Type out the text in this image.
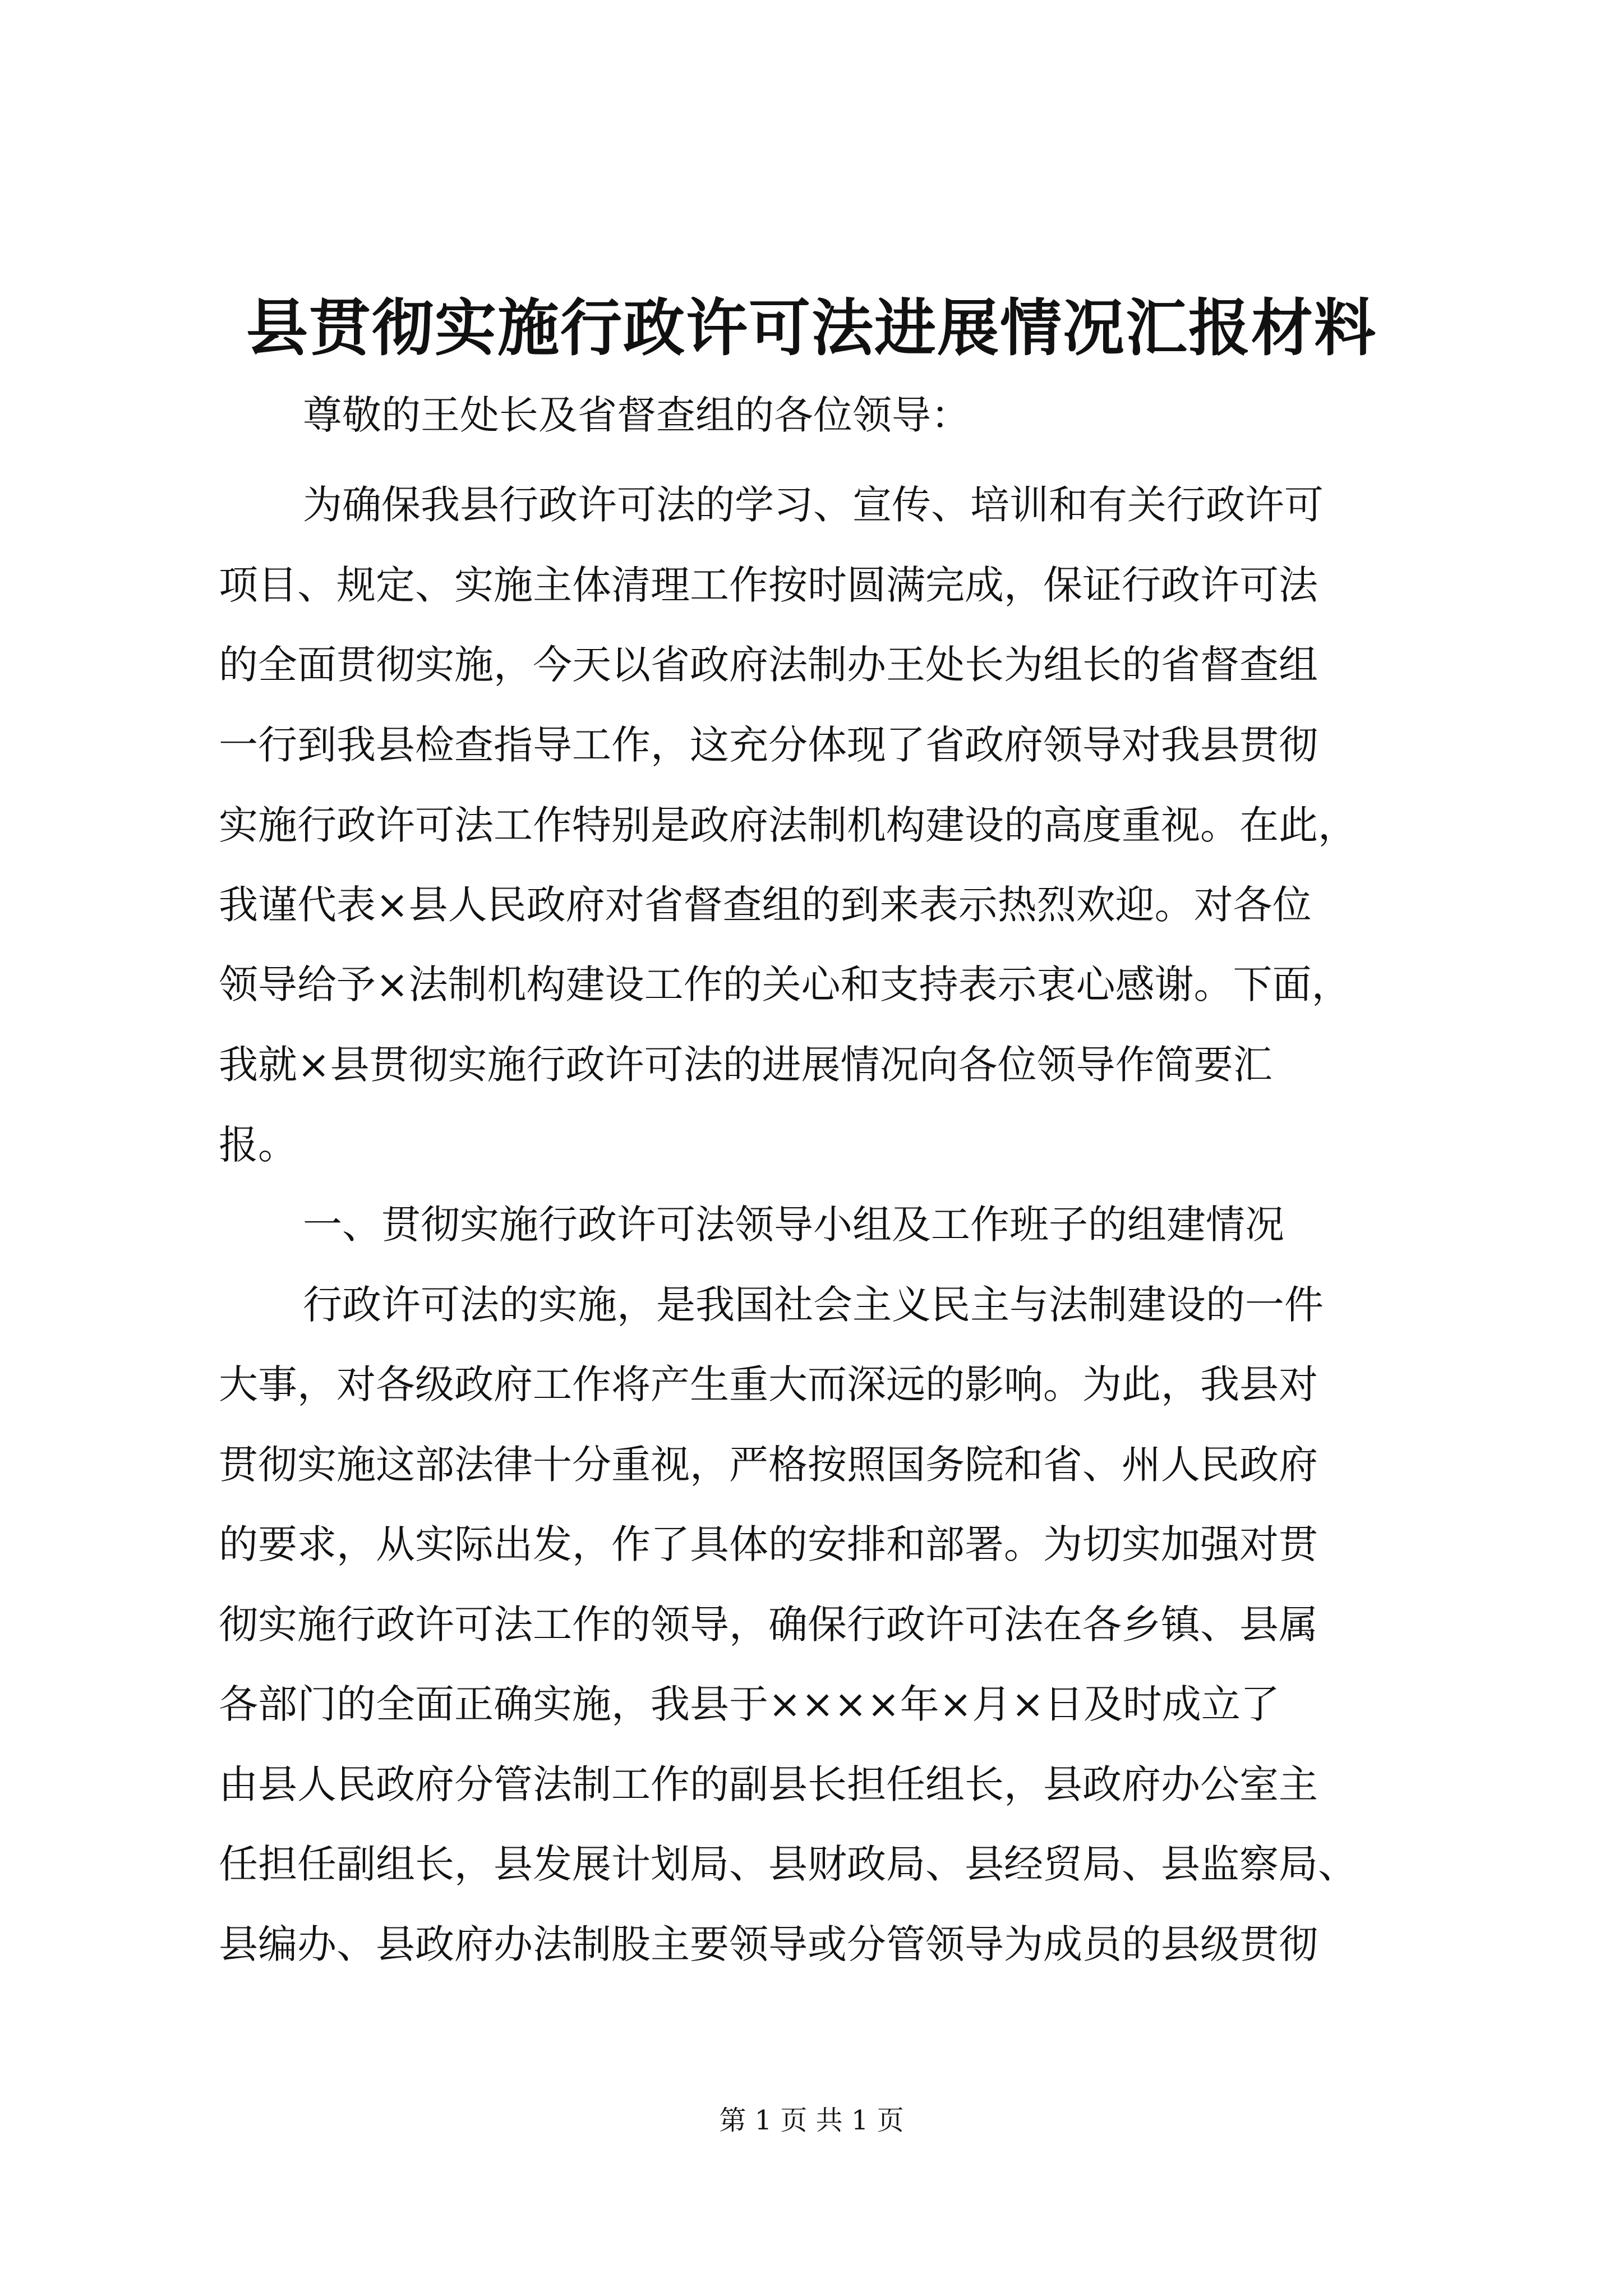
县贯彻实施行政许可法进展情况汇报材料
尊敬的王处长及省督查组的各位领导：
为确保我县行政许可法的学习、宣传、培训和有关行政许可
项目、规定、实施主体清理工作按时圆满完成，保证行政许可法
的全面贯彻实施，今天以省政府法制办王处长为组长的省督查组
一行到我县检查指导工作，这充分体现了省政府领导对我县贯彻
实施行政许可法工作特别是政府法制机构建设的高度重视。在此，
我谨代表×县人民政府对省督查组的到来表示热烈欢迎。对各位
领导给予×法制机构建设工作的关心和支持表示衷心感谢。下面，
我就×县贯彻实施行政许可法的进展情况向各位领导作简要汇
报。
一、贯彻实施行政许可法领导小组及工作班子的组建情况
行政许可法的实施，是我国社会主义民主与法制建设的一件
大事，对各级政府工作将产生重大而深远的影响。为此，我县对
贯彻实施这部法律十分重视，严格按照国务院和省、州人民政府
的要求，从实际出发，作了具体的安排和部署。为切实加强对贯
彻实施行政许可法工作的领导，确保行政许可法在各乡镇、县属
各部门的全面正确实施，我县于××××年×月×日及时成立了
由县人民政府分管法制工作的副县长担任组长，县政府办公室主
任担任副组长，县发展计划局、县财政局、县经贸局、县监察局、
县编办、县政府办法制股主要领导或分管领导为成员的县级贯彻
第 1 页 共 1 页
